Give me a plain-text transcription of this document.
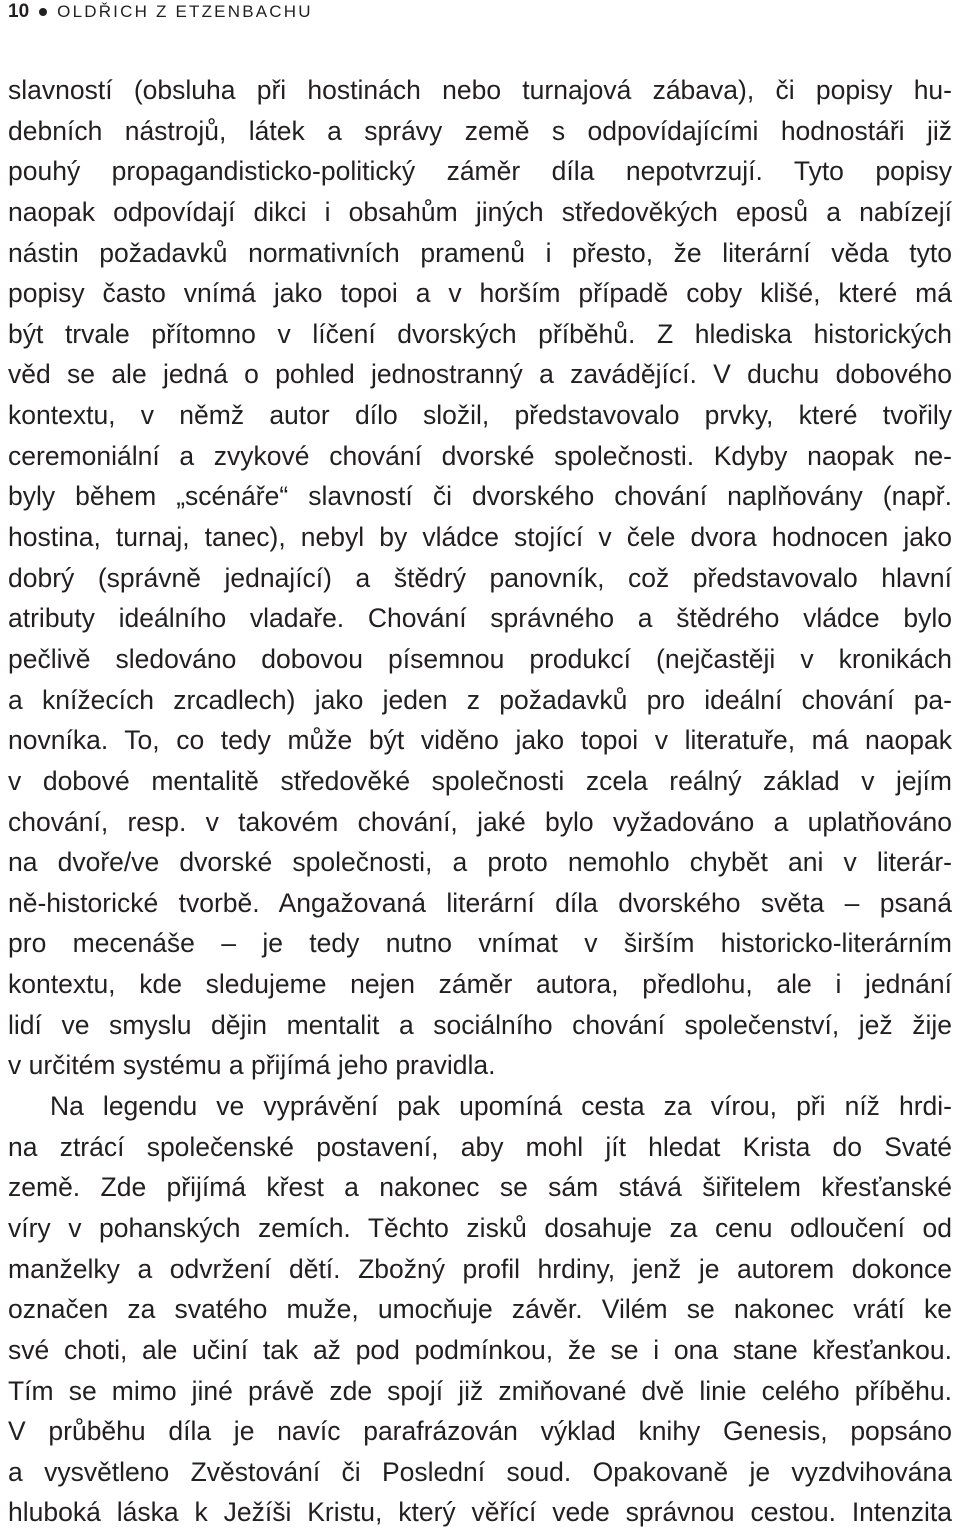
10 OLDŘICH Z ETZENBACHU
slavností (obsluha při hostinách nebo turnajová zábava), či popisy hu-
debních nástrojů, látek a správy země s odpovídajícími hodnostáři již
pouhý propagandisticko-politický záměr díla nepotvrzují. Tyto popisy
naopak odpovídají dikci i obsahům jiných středověkých eposů a nabízejí
nástin požadavků normativních pramenů i přesto, že literární věda tyto
popisy často vnímá jako topoi a v horším případě coby klišé, které má
být trvale přítomno v líčení dvorských příběhů. Z hlediska historických
věd se ale jedná o pohled jednostranný a zavádějící. V duchu dobového
kontextu, v němž autor dílo složil, představovalo prvky, které tvořily
ceremoniální a zvykové chování dvorské společnosti. Kdyby naopak ne-
byly během „scénáře“ slavností či dvorského chování naplňovány (např.
hostina, turnaj, tanec), nebyl by vládce stojící v čele dvora hodnocen jako
dobrý (správně jednající) a štědrý panovník, což představovalo hlavní
atributy ideálního vladaře. Chování správného a štědrého vládce bylo
pečlivě sledováno dobovou písemnou produkcí (nejčastěji v kronikách
a knížecích zrcadlech) jako jeden z požadavků pro ideální chování pa-
novníka. To, co tedy může být viděno jako topoi v literatuře, má naopak
v dobové mentalitě středověké společnosti zcela reálný základ v jejím
chování, resp. v takovém chování, jaké bylo vyžadováno a uplatňováno
na dvoře/ve dvorské společnosti, a proto nemohlo chybět ani v literár-
ně-historické tvorbě. Angažovaná literární díla dvorského světa – psaná
pro mecenáše – je tedy nutno vnímat v širším historicko-literárním
kontextu, kde sledujeme nejen záměr autora, předlohu, ale i jednání
lidí ve smyslu dějin mentalit a sociálního chování společenství, jež žije
v určitém systému a přijímá jeho pravidla.
Na legendu ve vyprávění pak upomíná cesta za vírou, při níž hrdi-
na ztrácí společenské postavení, aby mohl jít hledat Krista do Svaté
země. Zde přijímá křest a nakonec se sám stává šiřitelem křesťanské
víry v pohanských zemích. Těchto zisků dosahuje za cenu odloučení od
manželky a odvržení dětí. Zbožný profil hrdiny, jenž je autorem dokonce
označen za svatého muže, umocňuje závěr. Vilém se nakonec vrátí ke
své choti, ale učiní tak až pod podmínkou, že se i ona stane křesťankou.
Tím se mimo jiné právě zde spojí již zmiňované dvě linie celého příběhu.
V průběhu díla je navíc parafrázován výklad knihy Genesis, popsáno
a vysvětleno Zvěstování či Poslední soud. Opakovaně je vyzdvihována
hluboká láska k Ježíši Kristu, který věřící vede správnou cestou. Intenzita
